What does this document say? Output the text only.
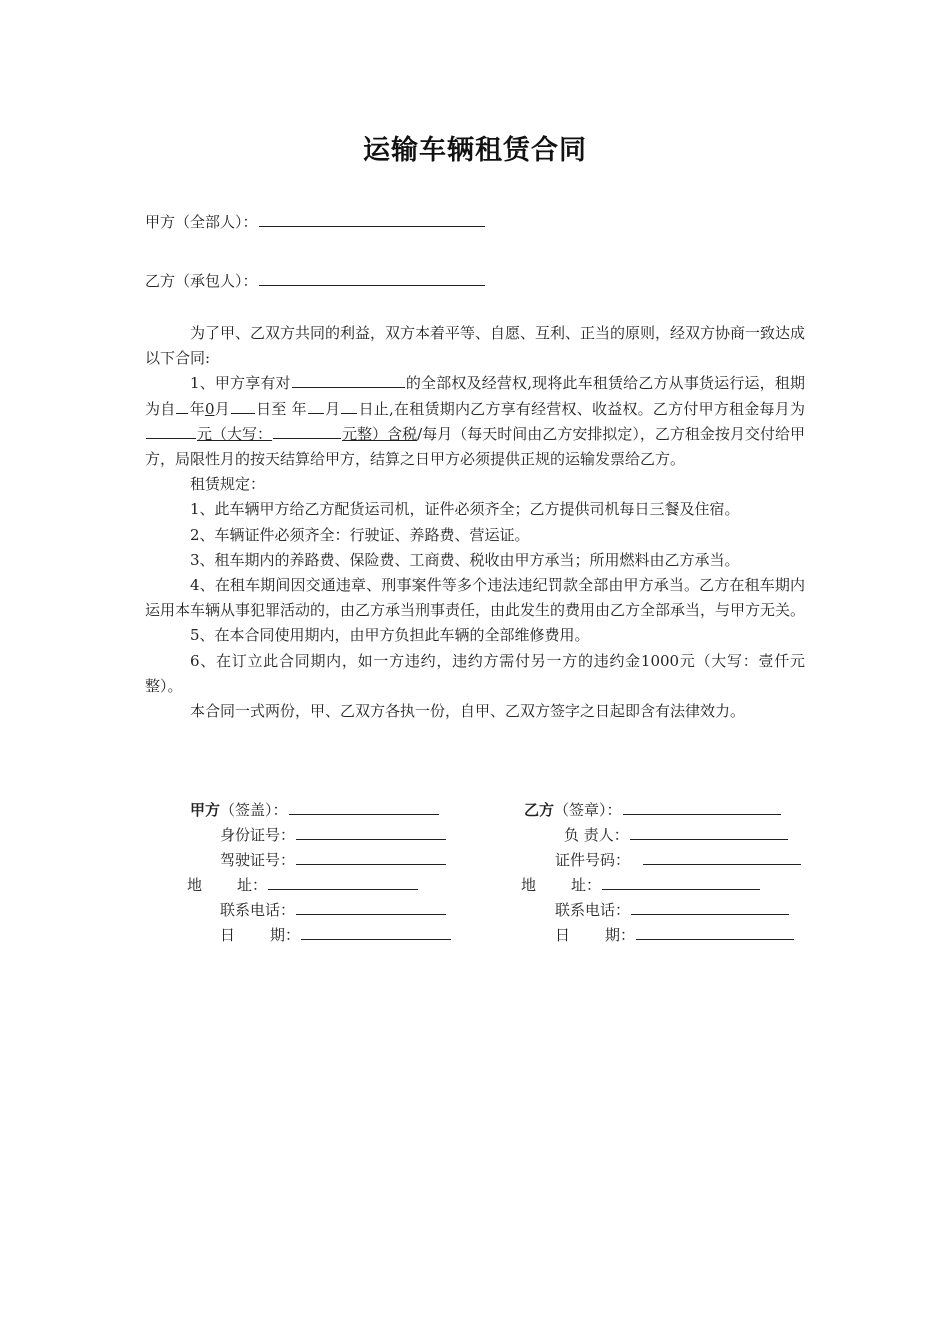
运输车辆租赁合同
甲方（全部人）：
乙方（承包人）：

为了甲、乙双方共同的利益，双方本着平等、自愿、互利、正当的原则，经双方协商一致达成以下合同:

1、甲方享有对	的全部权及经营权,现将此车租赁给乙方从事货运行运，租期为自 年0月 日至 年 月 日止,在租赁期内乙方享有经营权、收益权。乙方付甲方租金每月为元（大写：	元整）含税/每月（每天时间由乙方安排拟定），乙方租金按月交付给甲方，局限性月的按天结算给甲方，结算之日甲方必须提供正规的运输发票给乙方。

租赁规定：

1、此车辆甲方给乙方配货运司机，证件必须齐全；乙方提供司机每日三餐及住宿。

2、车辆证件必须齐全：行驶证、养路费、营运证。

3、租车期内的养路费、保险费、工商费、税收由甲方承当；所用燃料由乙方承当。

4、在租车期间因交通违章、刑事案件等多个违法违纪罚款全部由甲方承当。乙方在租车期内运用本车辆从事犯罪活动的，由乙方承当刑事责任，由此发生的费用由乙方全部承当，与甲方无关。

5、在本合同使用期内，由甲方负担此车辆的全部维修费用。

6、在订立此合同期内，如一方违约，违约方需付另一方的违约金1000元（大写：壹仟元整）。

本合同一式两份，甲、乙双方各执一份，自甲、乙双方签字之日起即含有法律效力。

甲方（签盖）：
身份证号：
驾驶证号：
地 址：
联系电话：
日 期：
乙方（签章）：
负 责人：
证件号码：
地 址：
联系电话：
日 期：
